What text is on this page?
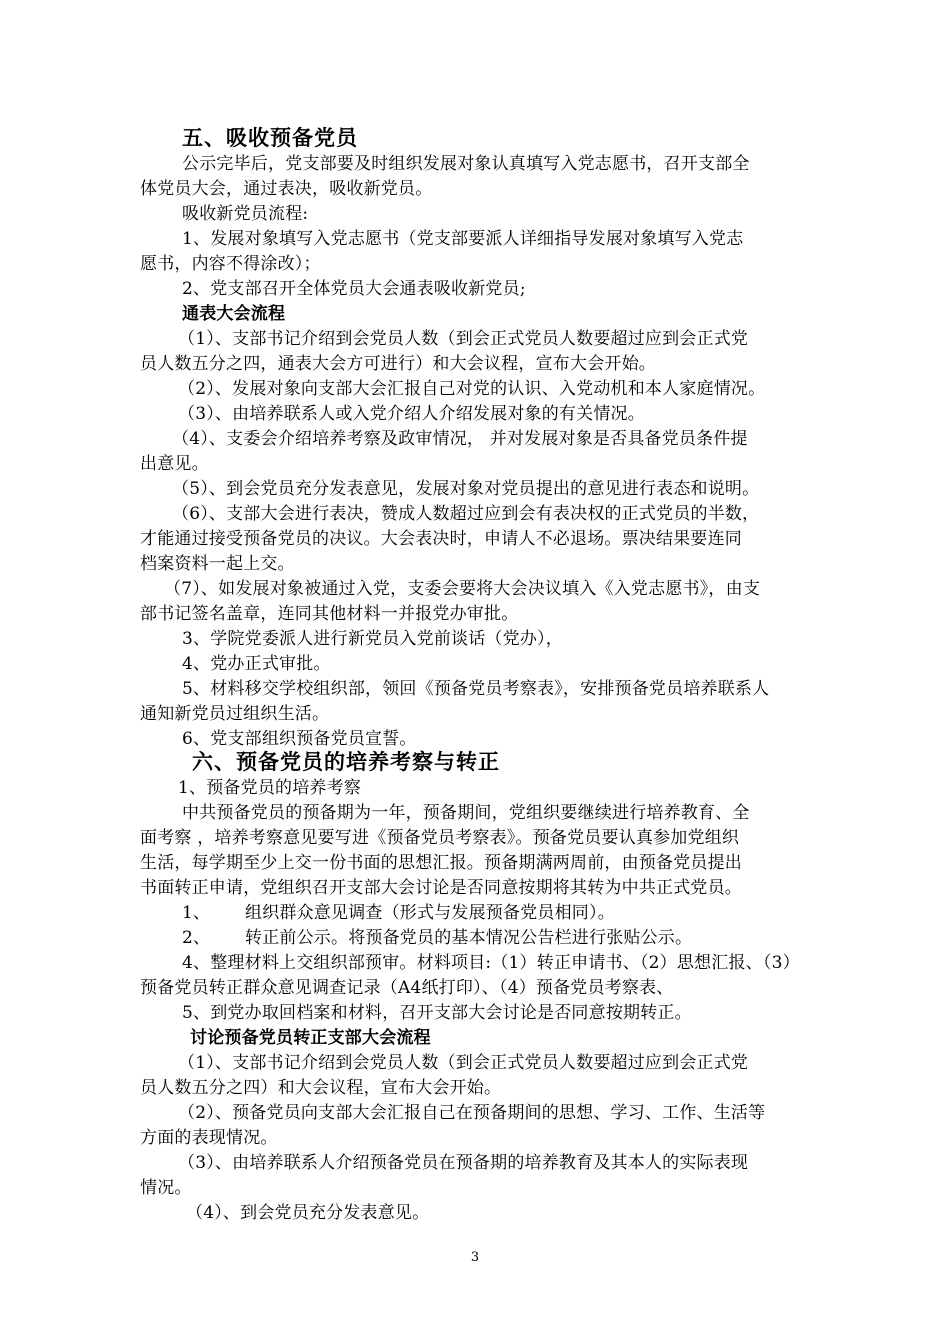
五、吸收预备党员
公示完毕后，党支部要及时组织发展对象认真填写入党志愿书，召开支部全
体党员大会，通过表决，吸收新党员。
吸收新党员流程:
1、发展对象填写入党志愿书（党支部要派人详细指导发展对象填写入党志
愿书，内容不得涂改）；
2、党支部召开全体党员大会通表吸收新党员;
通表大会流程
（1）、支部书记介绍到会党员人数（到会正式党员人数要超过应到会正式党
员人数五分之四，通表大会方可进行）和大会议程，宣布大会开始。
（2）、发展对象向支部大会汇报自己对党的认识、入党动机和本人家庭情况。
（3）、由培养联系人或入党介绍人介绍发展对象的有关情况。
（4）、支委会介绍培养考察及政审情况， 并对发展对象是否具备党员条件提
出意见。
（5）、到会党员充分发表意见，发展对象对党员提出的意见进行表态和说明。
（6）、支部大会进行表决，赞成人数超过应到会有表决权的正式党员的半数，
才能通过接受预备党员的决议。大会表决时，申请人不必退场。票决结果要连同
档案资料一起上交。
（7）、如发展对象被通过入党，支委会要将大会决议填入《入党志愿书》，由支
部书记签名盖章，连同其他材料一并报党办审批。
3、学院党委派人进行新党员入党前谈话（党办），
4、党办正式审批。
5、材料移交学校组织部，领回《预备党员考察表》，安排预备党员培养联系人
通知新党员过组织生活。
6、党支部组织预备党员宣誓。
六、预备党员的培养考察与转正
1、预备党员的培养考察
中共预备党员的预备期为一年，预备期间，党组织要继续进行培养教育、全
面考察 ，培养考察意见要写进《预备党员考察表》。预备党员要认真参加党组织
生活，每学期至少上交一份书面的思想汇报。预备期满两周前，由预备党员提出
书面转正申请，党组织召开支部大会讨论是否同意按期将其转为中共正式党员。
1、 组织群众意见调查（形式与发展预备党员相同）。
2、 转正前公示。将预备党员的基本情况公告栏进行张贴公示。
4、整理材料上交组织部预审。材料项目:（1）转正申请书、（2）思想汇报、（3）
预备党员转正群众意见调查记录（A4纸打印）、（4）预备党员考察表、
5、到党办取回档案和材料，召开支部大会讨论是否同意按期转正。
讨论预备党员转正支部大会流程
（1）、支部书记介绍到会党员人数（到会正式党员人数要超过应到会正式党
员人数五分之四）和大会议程，宣布大会开始。
（2）、预备党员向支部大会汇报自己在预备期间的思想、学习、工作、生活等
方面的表现情况。
（3）、由培养联系人介绍预备党员在预备期的培养教育及其本人的实际表现
情况。
（4）、到会党员充分发表意见。
3
